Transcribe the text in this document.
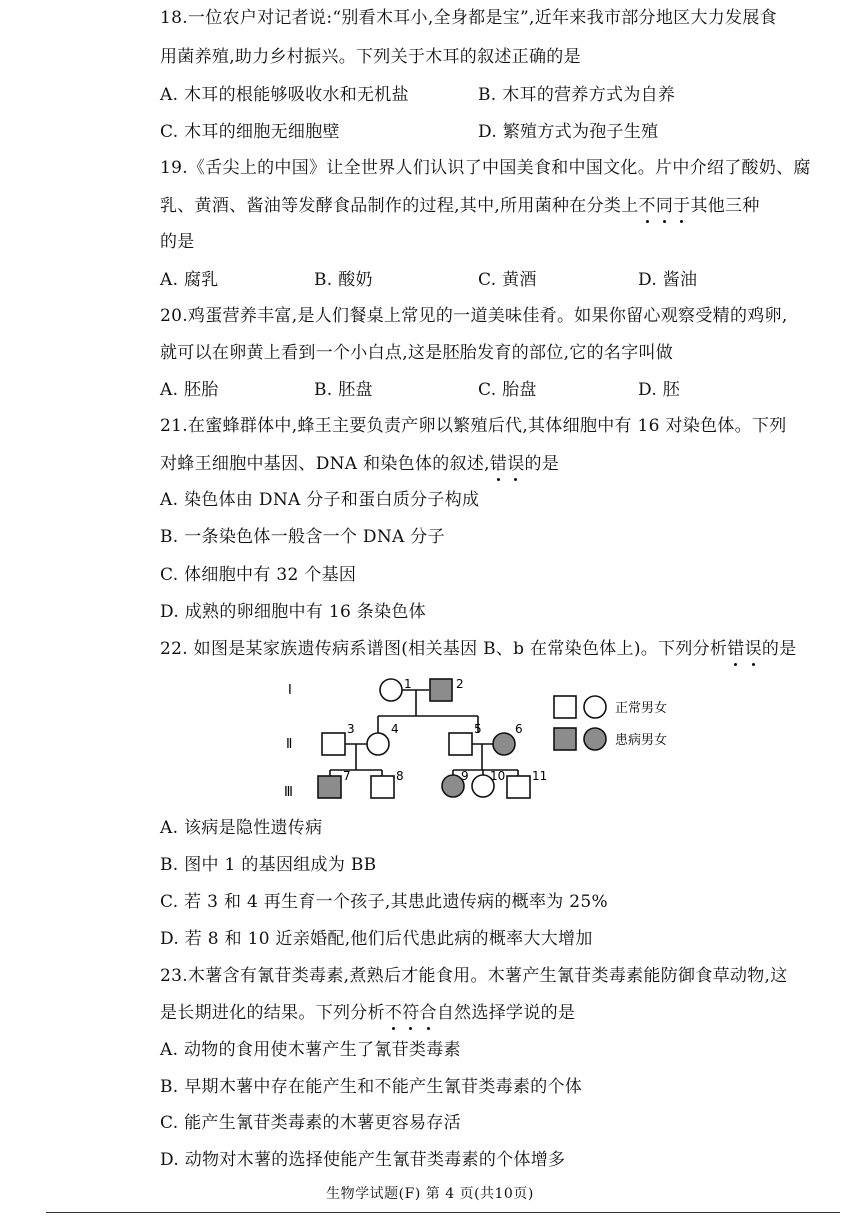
18.一位农户对记者说:“别看木耳小,全身都是宝”,近年来我市部分地区大力发展食
用菌养殖,助力乡村振兴。下列关于木耳的叙述正确的是
A. 木耳的根能够吸收水和无机盐	B. 木耳的营养方式为自养
C. 木耳的细胞无细胞壁	D. 繁殖方式为孢子生殖
19.《舌尖上的中国》让全世界人们认识了中国美食和中国文化。片中介绍了酸奶、腐
乳、黄酒、酱油等发酵食品制作的过程,其中,所用菌种在分类上不同于其他三种
的是
A. 腐乳	B. 酸奶	C. 黄酒	D. 酱油
20.鸡蛋营养丰富,是人们餐桌上常见的一道美味佳肴。如果你留心观察受精的鸡卵,
就可以在卵黄上看到一个小白点,这是胚胎发育的部位,它的名字叫做
A. 胚胎	B. 胚盘	C. 胎盘	D. 胚
21.在蜜蜂群体中,蜂王主要负责产卵以繁殖后代,其体细胞中有 16 对染色体。下列
对蜂王细胞中基因、DNA 和染色体的叙述,错误的是
A. 染色体由 DNA 分子和蛋白质分子构成
B. 一条染色体一般含一个 DNA 分子
C. 体细胞中有 32 个基因
D. 成熟的卵细胞中有 16 条染色体
22. 如图是某家族遗传病系谱图(相关基因 B、b 在常染色体上)。下列分析错误的是
Ⅰ
Ⅱ
Ⅲ
1	2
3	4	5	6
7	8	9 10 11
正常男女
患病男女
A. 该病是隐性遗传病
B. 图中 1 的基因组成为 BB
C. 若 3 和 4 再生育一个孩子,其患此遗传病的概率为 25%
D. 若 8 和 10 近亲婚配,他们后代患此病的概率大大增加
23.木薯含有氰苷类毒素,煮熟后才能食用。木薯产生氰苷类毒素能防御食草动物,这
是长期进化的结果。下列分析不符合自然选择学说的是
A. 动物的食用使木薯产生了氰苷类毒素
B. 早期木薯中存在能产生和不能产生氰苷类毒素的个体
C. 能产生氰苷类毒素的木薯更容易存活
D. 动物对木薯的选择使能产生氰苷类毒素的个体增多
生物学试题(F) 第 4 页(共10页)
